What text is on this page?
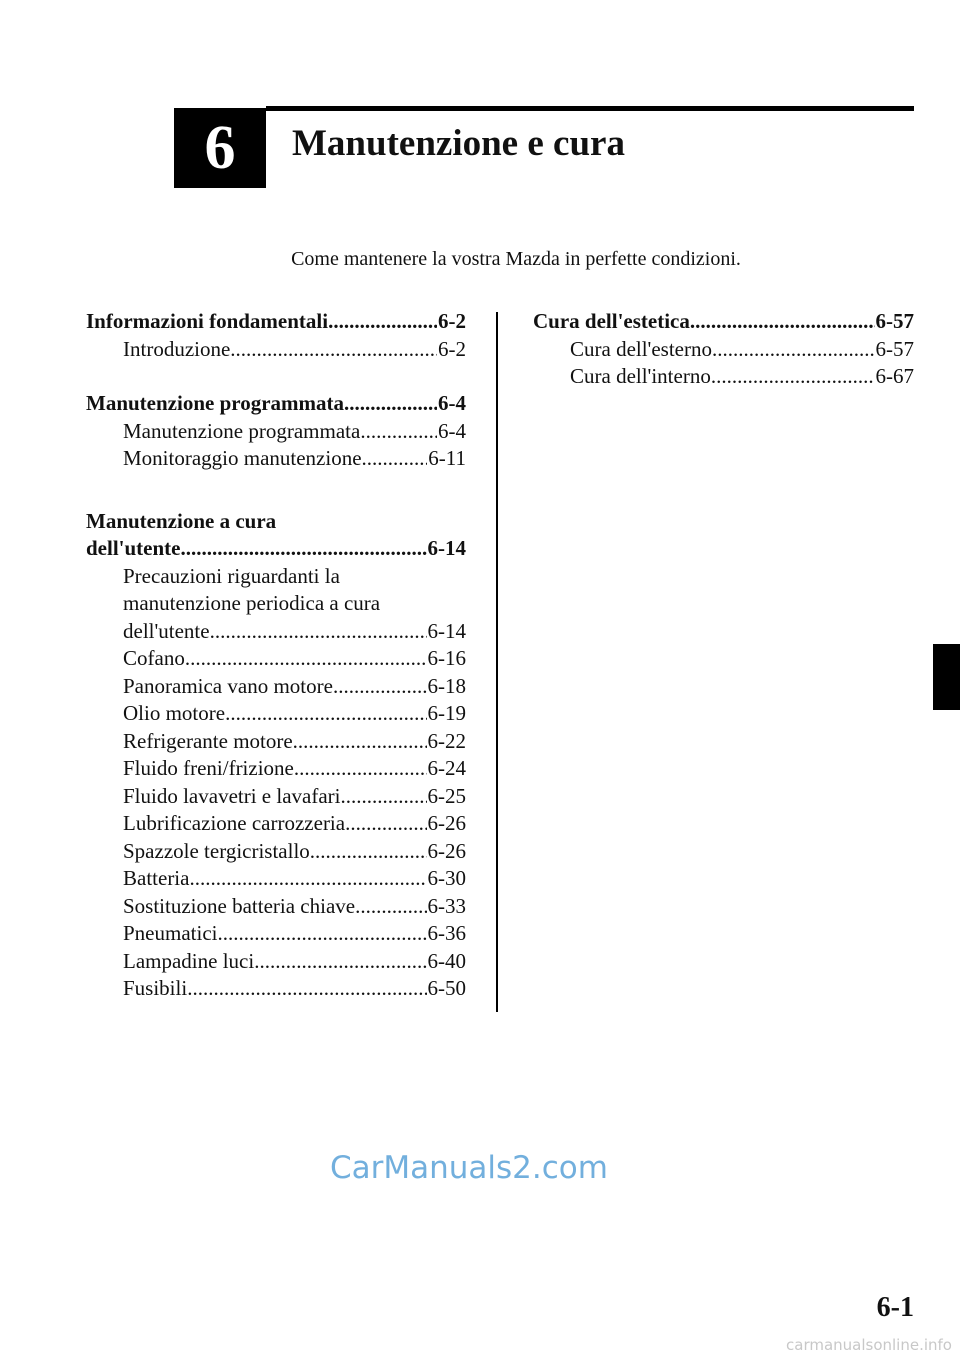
6 Manutenzione e cura
Come mantenere la vostra Mazda in perfette condizioni.
Informazioni fondamentali .....	6-2
Introduzione .....	6-2
Manutenzione programmata .....	6-4
Manutenzione programmata .....	6-4
Monitoraggio manutenzione .....	6-11
Manutenzione a cura
dell'utente .....	6-14
Precauzioni riguardanti la
manutenzione periodica a cura
dell'utente .....	6-14
Cofano .....	6-16
Panoramica vano motore .....	6-18
Olio motore .....	6-19
Refrigerante motore .....	6-22
Fluido freni/frizione .....	6-24
Fluido lavavetri e lavafari .....	6-25
Lubrificazione carrozzeria .....	6-26
Spazzole tergicristallo .....	6-26
Batteria .....	6-30
Sostituzione batteria chiave .....	6-33
Pneumatici .....	6-36
Lampadine luci .....	6-40
Fusibili .....	6-50
Cura dell'estetica .....	6-57
Cura dell'esterno .....	6-57
Cura dell'interno .....	6-67
CarManuals2.com
6-1
carmanualsonline.info
